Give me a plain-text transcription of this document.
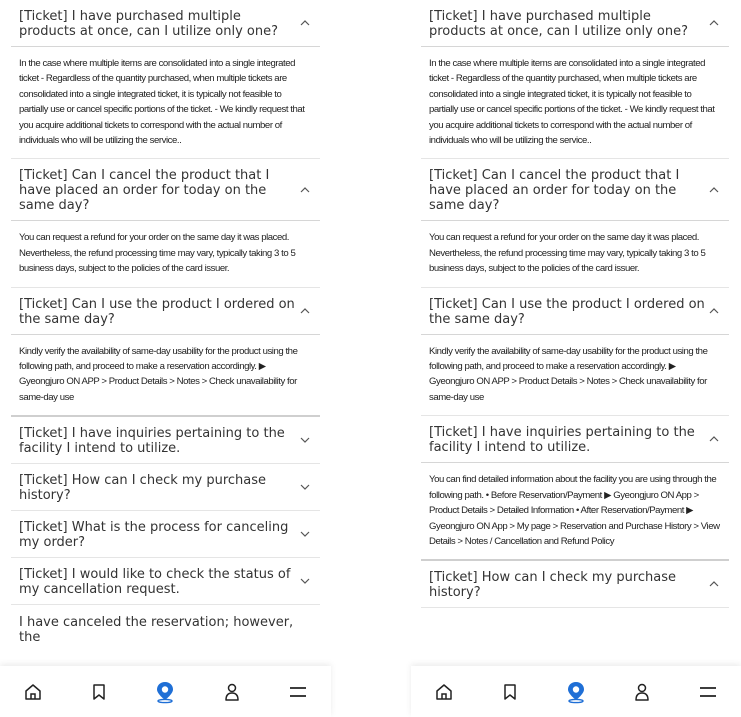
[Ticket] I have purchased multiple products at once, can I utilize only one?
In the case where multiple items are consolidated into a single integrated ticket - Regardless of the quantity purchased, when multiple tickets are consolidated into a single integrated ticket, it is typically not feasible to partially use or cancel specific portions of the ticket. - We kindly request that you acquire additional tickets to correspond with the actual number of individuals who will be utilizing the service..
[Ticket] Can I cancel the product that I have placed an order for today on the same day?
You can request a refund for your order on the same day it was placed. Nevertheless, the refund processing time may vary, typically taking 3 to 5 business days, subject to the policies of the card issuer.
[Ticket] Can I use the product I ordered on the same day?
Kindly verify the availability of same-day usability for the product using the following path, and proceed to make a reservation accordingly. ▶ Gyeongjuro ON APP > Product Details > Notes > Check unavailability for same-day use
[Ticket] I have inquiries pertaining to the facility I intend to utilize.
[Ticket] How can I check my purchase history?
[Ticket] What is the process for canceling my order?
[Ticket] I would like to check the status of my cancellation request.
I have canceled the reservation; however, the
[Ticket] I have purchased multiple products at once, can I utilize only one?
In the case where multiple items are consolidated into a single integrated ticket - Regardless of the quantity purchased, when multiple tickets are consolidated into a single integrated ticket, it is typically not feasible to partially use or cancel specific portions of the ticket. - We kindly request that you acquire additional tickets to correspond with the actual number of individuals who will be utilizing the service..
[Ticket] Can I cancel the product that I have placed an order for today on the same day?
You can request a refund for your order on the same day it was placed. Nevertheless, the refund processing time may vary, typically taking 3 to 5 business days, subject to the policies of the card issuer.
[Ticket] Can I use the product I ordered on the same day?
Kindly verify the availability of same-day usability for the product using the following path, and proceed to make a reservation accordingly. ▶ Gyeongjuro ON APP > Product Details > Notes > Check unavailability for same-day use
[Ticket] I have inquiries pertaining to the facility I intend to utilize.
You can find detailed information about the facility you are using through the following path. • Before Reservation/Payment ▶ Gyeongjuro ON App > Product Details > Detailed Information • After Reservation/Payment ▶ Gyeongjuro ON App > My page > Reservation and Purchase History > View Details > Notes / Cancellation and Refund Policy
[Ticket] How can I check my purchase history?
